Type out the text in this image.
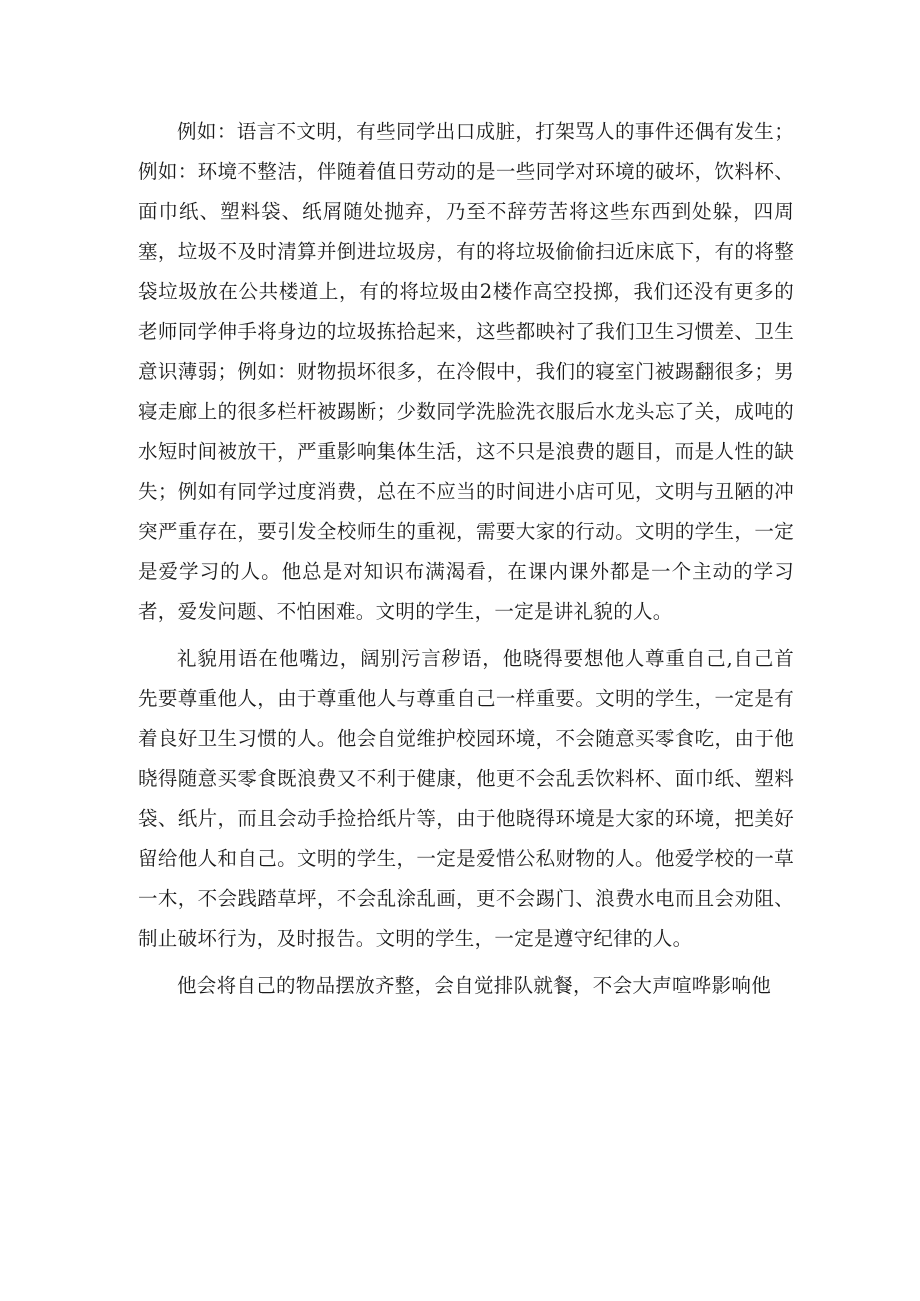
例如：语言不文明，有些同学出口成脏，打架骂人的事件还偶有发生；例如：环境不整洁，伴随着值日劳动的是一些同学对环境的破坏，饮料杯、面巾纸、塑料袋、纸屑随处抛弃，乃至不辞劳苦将这些东西到处躲，四周塞，垃圾不及时清算并倒进垃圾房，有的将垃圾偷偷扫近床底下，有的将整袋垃圾放在公共楼道上，有的将垃圾由2楼作高空投掷，我们还没有更多的老师同学伸手将身边的垃圾拣拾起来，这些都映衬了我们卫生习惯差、卫生意识薄弱；例如：财物损坏很多，在冷假中，我们的寝室门被踢翻很多；男寝走廊上的很多栏杆被踢断；少数同学洗脸洗衣服后水龙头忘了关，成吨的水短时间被放干，严重影响集体生活，这不只是浪费的题目，而是人性的缺失；例如有同学过度消费，总在不应当的时间进小店可见，文明与丑陋的冲突严重存在，要引发全校师生的重视，需要大家的行动。文明的学生，一定是爱学习的人。他总是对知识布满渴看，在课内课外都是一个主动的学习者，爱发问题、不怕困难。文明的学生，一定是讲礼貌的人。

礼貌用语在他嘴边，阔别污言秽语，他晓得要想他人尊重自己,自己首先要尊重他人，由于尊重他人与尊重自己一样重要。文明的学生，一定是有着良好卫生习惯的人。他会自觉维护校园环境，不会随意买零食吃，由于他晓得随意买零食既浪费又不利于健康，他更不会乱丢饮料杯、面巾纸、塑料袋、纸片，而且会动手捡拾纸片等，由于他晓得环境是大家的环境，把美好留给他人和自己。文明的学生，一定是爱惜公私财物的人。他爱学校的一草一木，不会践踏草坪，不会乱涂乱画，更不会踢门、浪费水电而且会劝阻、制止破坏行为，及时报告。文明的学生，一定是遵守纪律的人。

他会将自己的物品摆放齐整，会自觉排队就餐，不会大声喧哗影响他
